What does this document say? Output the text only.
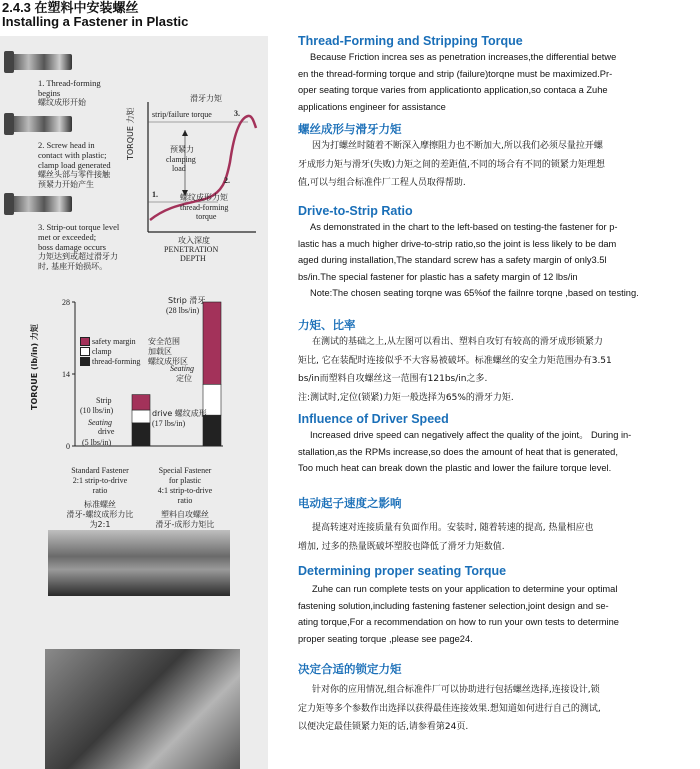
2.4.3 在塑料中安装螺丝
Installing a Fastener in Plastic
1. Thread-forming
begins
螺纹成形开始
2. Screw head in
contact with plastic;
clamp load generated
螺丝头部与零件接触
预紧力开始产生
3. Strip-out torque level
met or exceeded;
boss damage occurs
力矩达到或超过滑牙力
时, 基座开始损坏。
滑牙力矩
strip/failure torque	3.
预紧力
clamping
load
2.
1.	螺纹成形力矩
thread-forming
torque
TORQUE 力矩
攻入深度
PENETRATION
DEPTH
0
14
28
TORQUE (lb/in) 力矩	safety margin	安全范围
clamp	加载区
thread-forming 螺纹成形区
Strip
(10 lbs/in)
Seating
drive
(5 lbs/in)
Strip 滑牙
(28 lbs/in)
Seating
定位
drive 螺纹成形
(17 lbs/in)
Standard Fastener
2:1 strip-to-drive
ratio
标准螺丝
滑牙-螺纹成形力比
为2:1
Special Fastener
for plastic
4:1 strip-to-drive
ratio
塑料自攻螺丝
滑牙-成形力矩比
Thread-Forming and Stripping Torque
Because Friction increa ses as penetration increases,the differential betwe
en the thread-forming torque and strip (failure)torqne must be maximized.Pr-
oper seating torque varies from applicationto application,so contaca a Zuhe
applications engineer for assistance
螺丝成形与滑牙力矩
因为打螺丝时随着不断深入摩擦阻力也不断加大,所以我们必须尽量拉开螺
牙成形力矩与滑牙(失败)力矩之间的差距值,不同的场合有不同的锁紧力矩理想
值,可以与组合标准件厂工程人员取得帮助.
Drive-to-Strip Ratio
As demonstrated in the chart to the left-based on testing-the fastener for p-
lastic has a much higher drive-to-strip ratio,so the joint is less likely to be dam
aged during installation,The standard screw has a safety margin of only3.5l
bs/in.The special fastener for plastic has a safety margin of 12 lbs/in
Note:The chosen seating torqne was 65%of the failnre torqne ,based on testing.
力矩、比率
在测试的基础之上,从左图可以看出、塑料自攻钉有较高的滑牙成形锁紧力
矩比, 它在装配时连接似乎不大容易被破坏。标准螺丝的安全力矩范围办有3.51
bs/in而塑料自攻螺丝这一范围有121bs/in之多.
注:测试时,定位(锁紧)力矩一般选择为65%的滑牙力矩.
Influence of Driver Speed
Increased drive speed can negatively affect the quality of the joint。 During in-
stallation,as the RPMs increase,so does the amount of heat that is generated,
Too much heat can break down the plastic and lower the failure torque level.
电动起子速度之影响
提高转速对连接质量有负面作用。安装时, 随着转速的提高, 热量相应也
增加, 过多的热量既破坏塑胶也降低了滑牙力矩数值.
Determining proper seating Torque
Zuhe can run complete tests on your application to determine your optimal
fastening solution,including fastening fastener selection,joint design and se-
ating torque,For a recommendation on how to run your own tests to determine
proper seating torque ,please see page24.
决定合适的锁定力矩
针对你的应用情况,组合标准件厂可以协助进行包括螺丝选择,连接设计,锁
定力矩等多个参数作出选择以获得最佳连接效果.想知道如何进行自己的测试,
以便决定最佳锁紧力矩的话,请参看第24页.
